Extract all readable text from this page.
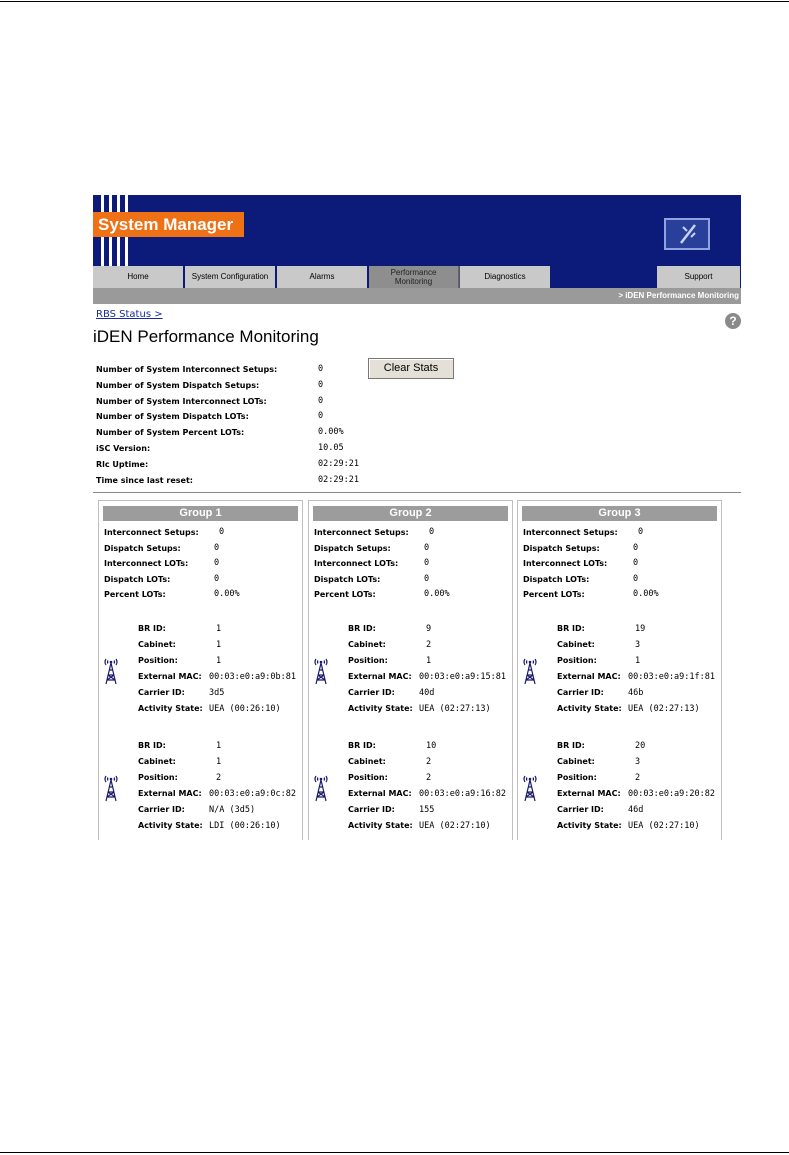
System Manager
Home	System Configuration	Alarms	Performance Monitoring
Diagnostics	Support
> iDEN Performance Monitoring
RBS Status >	?
iDEN Performance Monitoring
Number of System Interconnect Setups:	0
Number of System Dispatch Setups:	0
Number of System Interconnect LOTs:	0
Number of System Dispatch LOTs:	0
Number of System Percent LOTs:	0.00%
iSC Version:	10.05
Rlc Uptime:	02:29:21
Time since last reset:	02:29:21
Clear Stats
Group 1
Interconnect Setups: 0
Dispatch Setups:	0
Interconnect LOTs:	0
Dispatch LOTs:	0
Percent LOTs:	0.00%
BR ID:	1
Cabinet:	1
Position:	1
External MAC: 00:03:e0:a9:0b:81
Carrier ID:	3d5
Activity State: UEA (00:26:10)
BR ID:	1
Cabinet:	1
Position:	2
External MAC: 00:03:e0:a9:0c:82
Carrier ID:	N/A (3d5)
Activity State: LDI (00:26:10)
Group 2
Interconnect Setups: 0
Dispatch Setups:	0
Interconnect LOTs:	0
Dispatch LOTs:	0
Percent LOTs:	0.00%
BR ID:	9
Cabinet:	2
Position:	1
External MAC: 00:03:e0:a9:15:81
Carrier ID:	40d
Activity State: UEA (02:27:13)
BR ID:	10
Cabinet:	2
Position:	2
External MAC: 00:03:e0:a9:16:82
Carrier ID:	155
Activity State: UEA (02:27:10)
Group 3
Interconnect Setups: 0
Dispatch Setups:	0
Interconnect LOTs:	0
Dispatch LOTs:	0
Percent LOTs:	0.00%
BR ID:	19
Cabinet:	3
Position:	1
External MAC: 00:03:e0:a9:1f:81
Carrier ID:	46b
Activity State: UEA (02:27:13)
BR ID:	20
Cabinet:	3
Position:	2
External MAC: 00:03:e0:a9:20:82
Carrier ID:	46d
Activity State: UEA (02:27:10)
